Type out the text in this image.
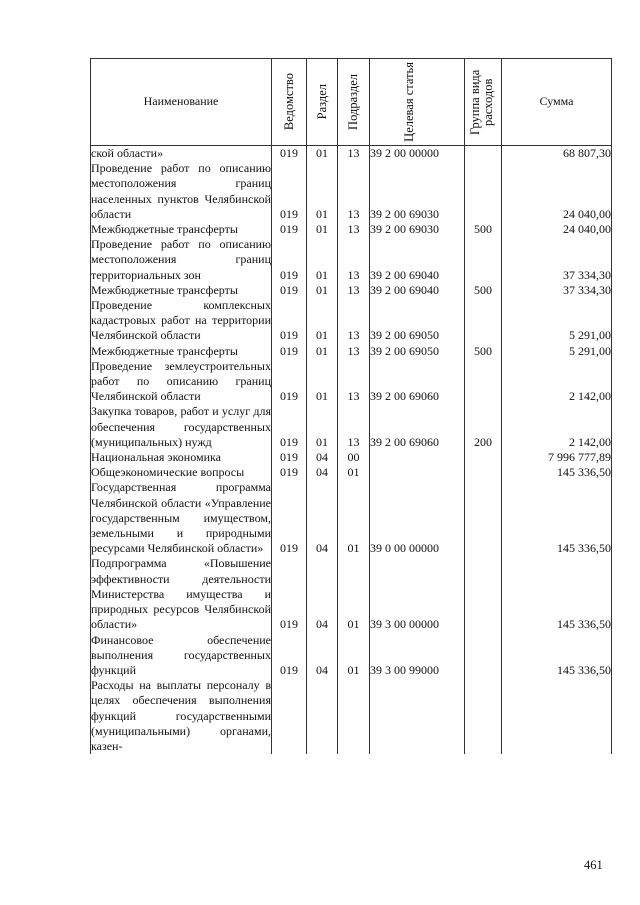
Наименование	Ведомство	Раздел	Подраздел	Целевая статья	Группа вида расходов	Сумма
ской области»	019	01	13	39 2 00 00000		68 807,30
Проведение работ по описанию местоположения границ населенных пунктов Челябинской области	019	01	13	39 2 00 69030		24 040,00
Межбюджетные трансферты	019	01	13	39 2 00 69030	500	24 040,00
Проведение работ по описанию местоположения границ территориальных зон	019	01	13	39 2 00 69040		37 334,30
Межбюджетные трансферты	019	01	13	39 2 00 69040	500	37 334,30
Проведение комплексных кадастровых работ на территории Челябинской области	019	01	13	39 2 00 69050		5 291,00
Межбюджетные трансферты	019	01	13	39 2 00 69050	500	5 291,00
Проведение землеустроительных работ по описанию границ Челябинской области	019	01	13	39 2 00 69060		2 142,00
Закупка товаров, работ и услуг для обеспечения государственных (муниципальных) нужд	019	01	13	39 2 00 69060	200	2 142,00
Национальная экономика	019	04	00			7 996 777,89
Общеэкономические вопросы	019	04	01			145 336,50
Государственная программа Челябинской области «Управление государственным имуществом, земельными и природными ресурсами Челябинской области»	019	04	01	39 0 00 00000		145 336,50
Подпрограмма «Повышение эффективности деятельности Министерства имущества и природных ресурсов Челябинской области»	019	04	01	39 3 00 00000		145 336,50
Финансовое обеспечение выполнения государственных функций	019	04	01	39 3 00 99000		145 336,50
Расходы на выплаты персоналу в целях обеспечения выполнения функций государственными (муниципальными) органами, казен-						
461
